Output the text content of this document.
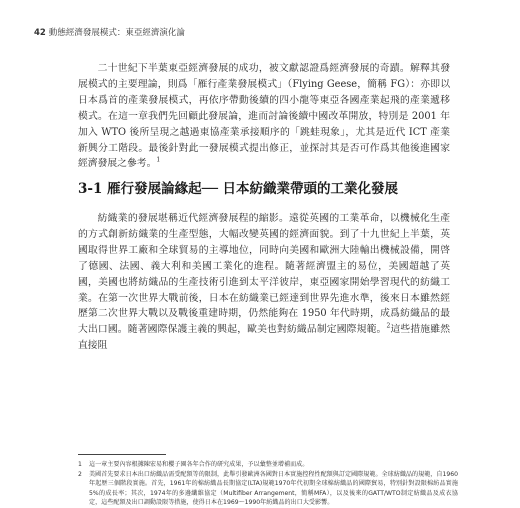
42 動態經濟發展模式：東亞經濟演化論

二十世紀下半葉東亞經濟發展的成功，被文獻認證爲經濟發展的奇蹟。解釋其發展模式的主要理論，則爲「雁行產業發展模式」（Flying Geese，簡稱 FG）：亦即以日本爲首的產業發展模式，再依序帶動後續的四小龍等東亞各國產業起飛的產業遞移模式。在這一章我們先回顧此發展論，進而討論後續中國改革開放，特別是 2001 年加入 WTO 後所呈現之越過東協產業承接順序的「跳蛙現象」，尤其是近代 ICT 產業新興分工階段。最後針對此一發展模式提出修正，並探討其是否可作爲其他後進國家經濟發展之參考。$^1$

3-1 雁行發展論緣起── 日本紡織業帶頭的工業化發展

紡織業的發展堪稱近代經濟發展程的縮影。遠從英國的工業革命，以機械化生產的方式創新紡織業的生產型態，大幅改變英國的經濟面貌。到了十九世紀上半葉，英國取得世界工廠和全球貿易的主導地位，同時向美國和歐洲大陸輸出機械設備，開啓了德國、法國、義大利和美國工業化的進程。隨著經濟盟主的易位，美國超越了英國，美國也將紡織品的生產技術引進到太平洋彼岸，東亞國家開始學習現代的紡織工業。在第一次世界大戰前後，日本在紡織業已經達到世界先進水準，後來日本雖然經歷第二次世界大戰以及戰後重建時期，仍然能夠在 1950 年代時期，成爲紡織品的最大出口國。隨著國際保護主義的興起，歐美也對紡織品制定國際規範。$^2$這些措施雖然直接阻

1	這一章主要內容根據陳宏易和櫻子園各年合作的研究成果，予以彙整並增補而成。
2	美國首先要求日本出口紡織品需受配額等的限制，此舉引發歐洲各國對日本實施控程性配額與訂定國際規範。全球紡織品的規範，自1960年起歷三個階段實施。首先，1961年的棉紡織品長期協定(LTA)規範1970年代初期全球棉紡織品的國際貿易，特別針對設限棉紡品實施5%的成長率；其次，1974年的多邊纖維協定（Multifiber Arrangement，簡稱MFA），以及後來的GATT/WTO制定紡織品及成衣協定，這些配額及出口調動設限等措施，使得日本在1969～1990年紡織品的出口大受影響。
